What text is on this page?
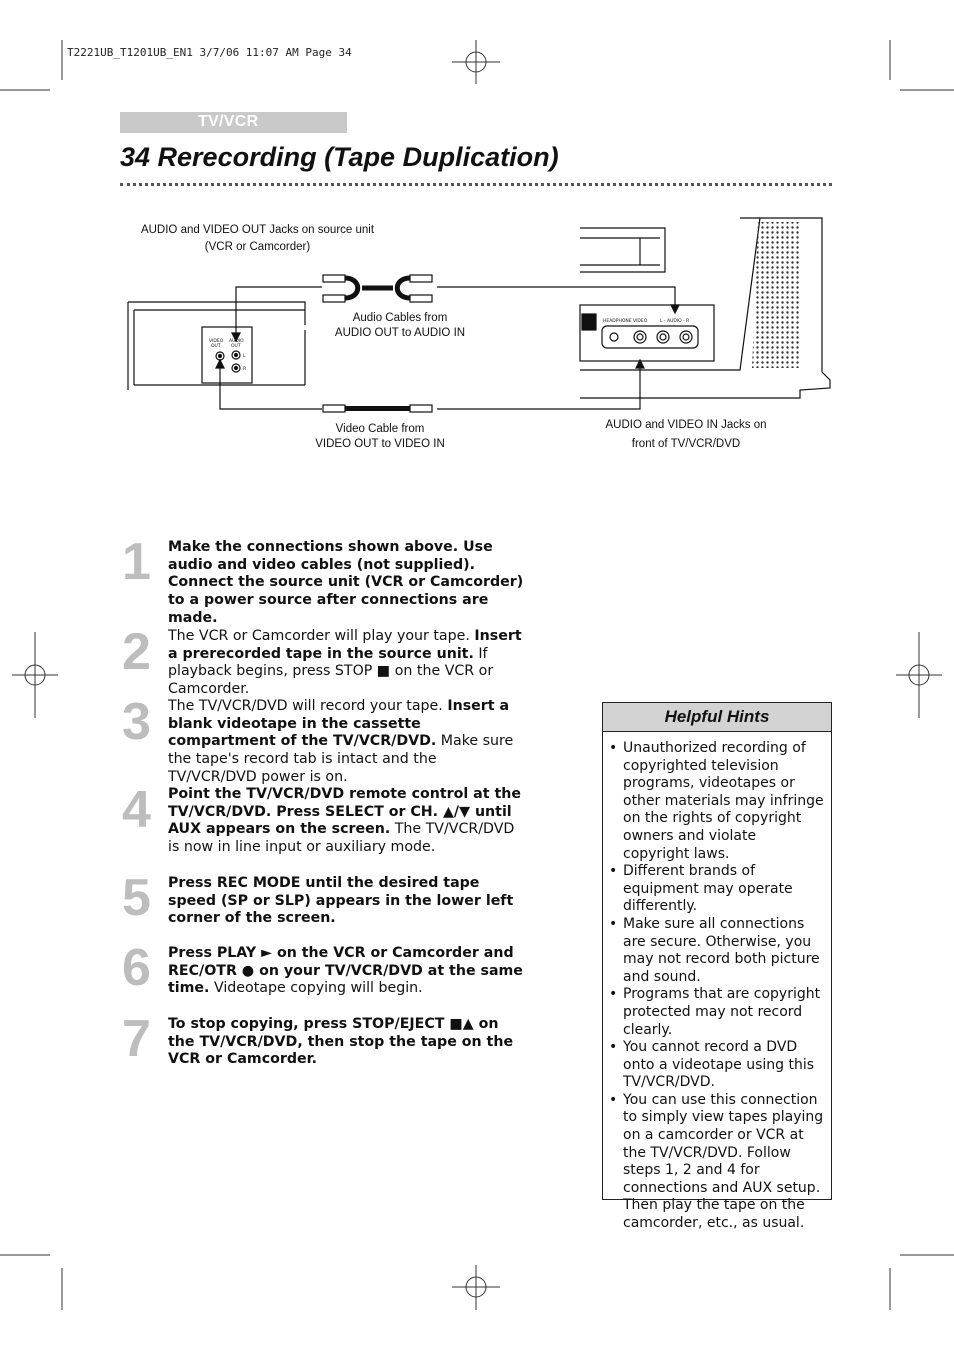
T2221UB_T1201UB_EN1 3/7/06 11:07 AM Page 34
TV/VCR
34 Rerecording (Tape Duplication)
VIDEO
OUT
AUDIO
OUT
L
R
HEADPHONE VIDEO	L - AUDIO - R
AUDIO and VIDEO OUT Jacks on source unit
(VCR or Camcorder)
Audio Cables from
AUDIO OUT to AUDIO IN
Video Cable from
VIDEO OUT to VIDEO IN
AUDIO and VIDEO IN Jacks on
front of TV/VCR/DVD
1 Make the connections shown above. Use audio and video cables (not supplied). Connect the source unit (VCR or Camcorder) to a power source after connections are made.
2 The VCR or Camcorder will play your tape. Insert a prerecorded tape in the source unit. If playback begins, press STOP ■ on the VCR or Camcorder.
3 The TV/VCR/DVD will record your tape. Insert a blank videotape in the cassette compartment of the TV/VCR/DVD. Make sure the tape's record tab is intact and the TV/VCR/DVD power is on.
4 Point the TV/VCR/DVD remote control at the TV/VCR/DVD. Press SELECT or CH. ▲/▼ until AUX appears on the screen. The TV/VCR/DVD is now in line input or auxiliary mode.
5 Press REC MODE until the desired tape speed (SP or SLP) appears in the lower left corner of the screen.
6 Press PLAY ► on the VCR or Camcorder and REC/OTR ● on your TV/VCR/DVD at the same time. Videotape copying will begin.
7 To stop copying, press STOP/EJECT ■▲ on the TV/VCR/DVD, then stop the tape on the VCR or Camcorder.
Helpful Hints
• Unauthorized recording of copyrighted television programs, videotapes or other materials may infringe on the rights of copyright owners and violate copyright laws.
• Different brands of equipment may operate differently.
• Make sure all connections are secure. Otherwise, you may not record both picture and sound.
• Programs that are copyright protected may not record clearly.
• You cannot record a DVD onto a videotape using this TV/VCR/DVD.
• You can use this connection to simply view tapes playing on a camcorder or VCR at the TV/VCR/DVD. Follow steps 1, 2 and 4 for connections and AUX setup. Then play the tape on the camcorder, etc., as usual.
